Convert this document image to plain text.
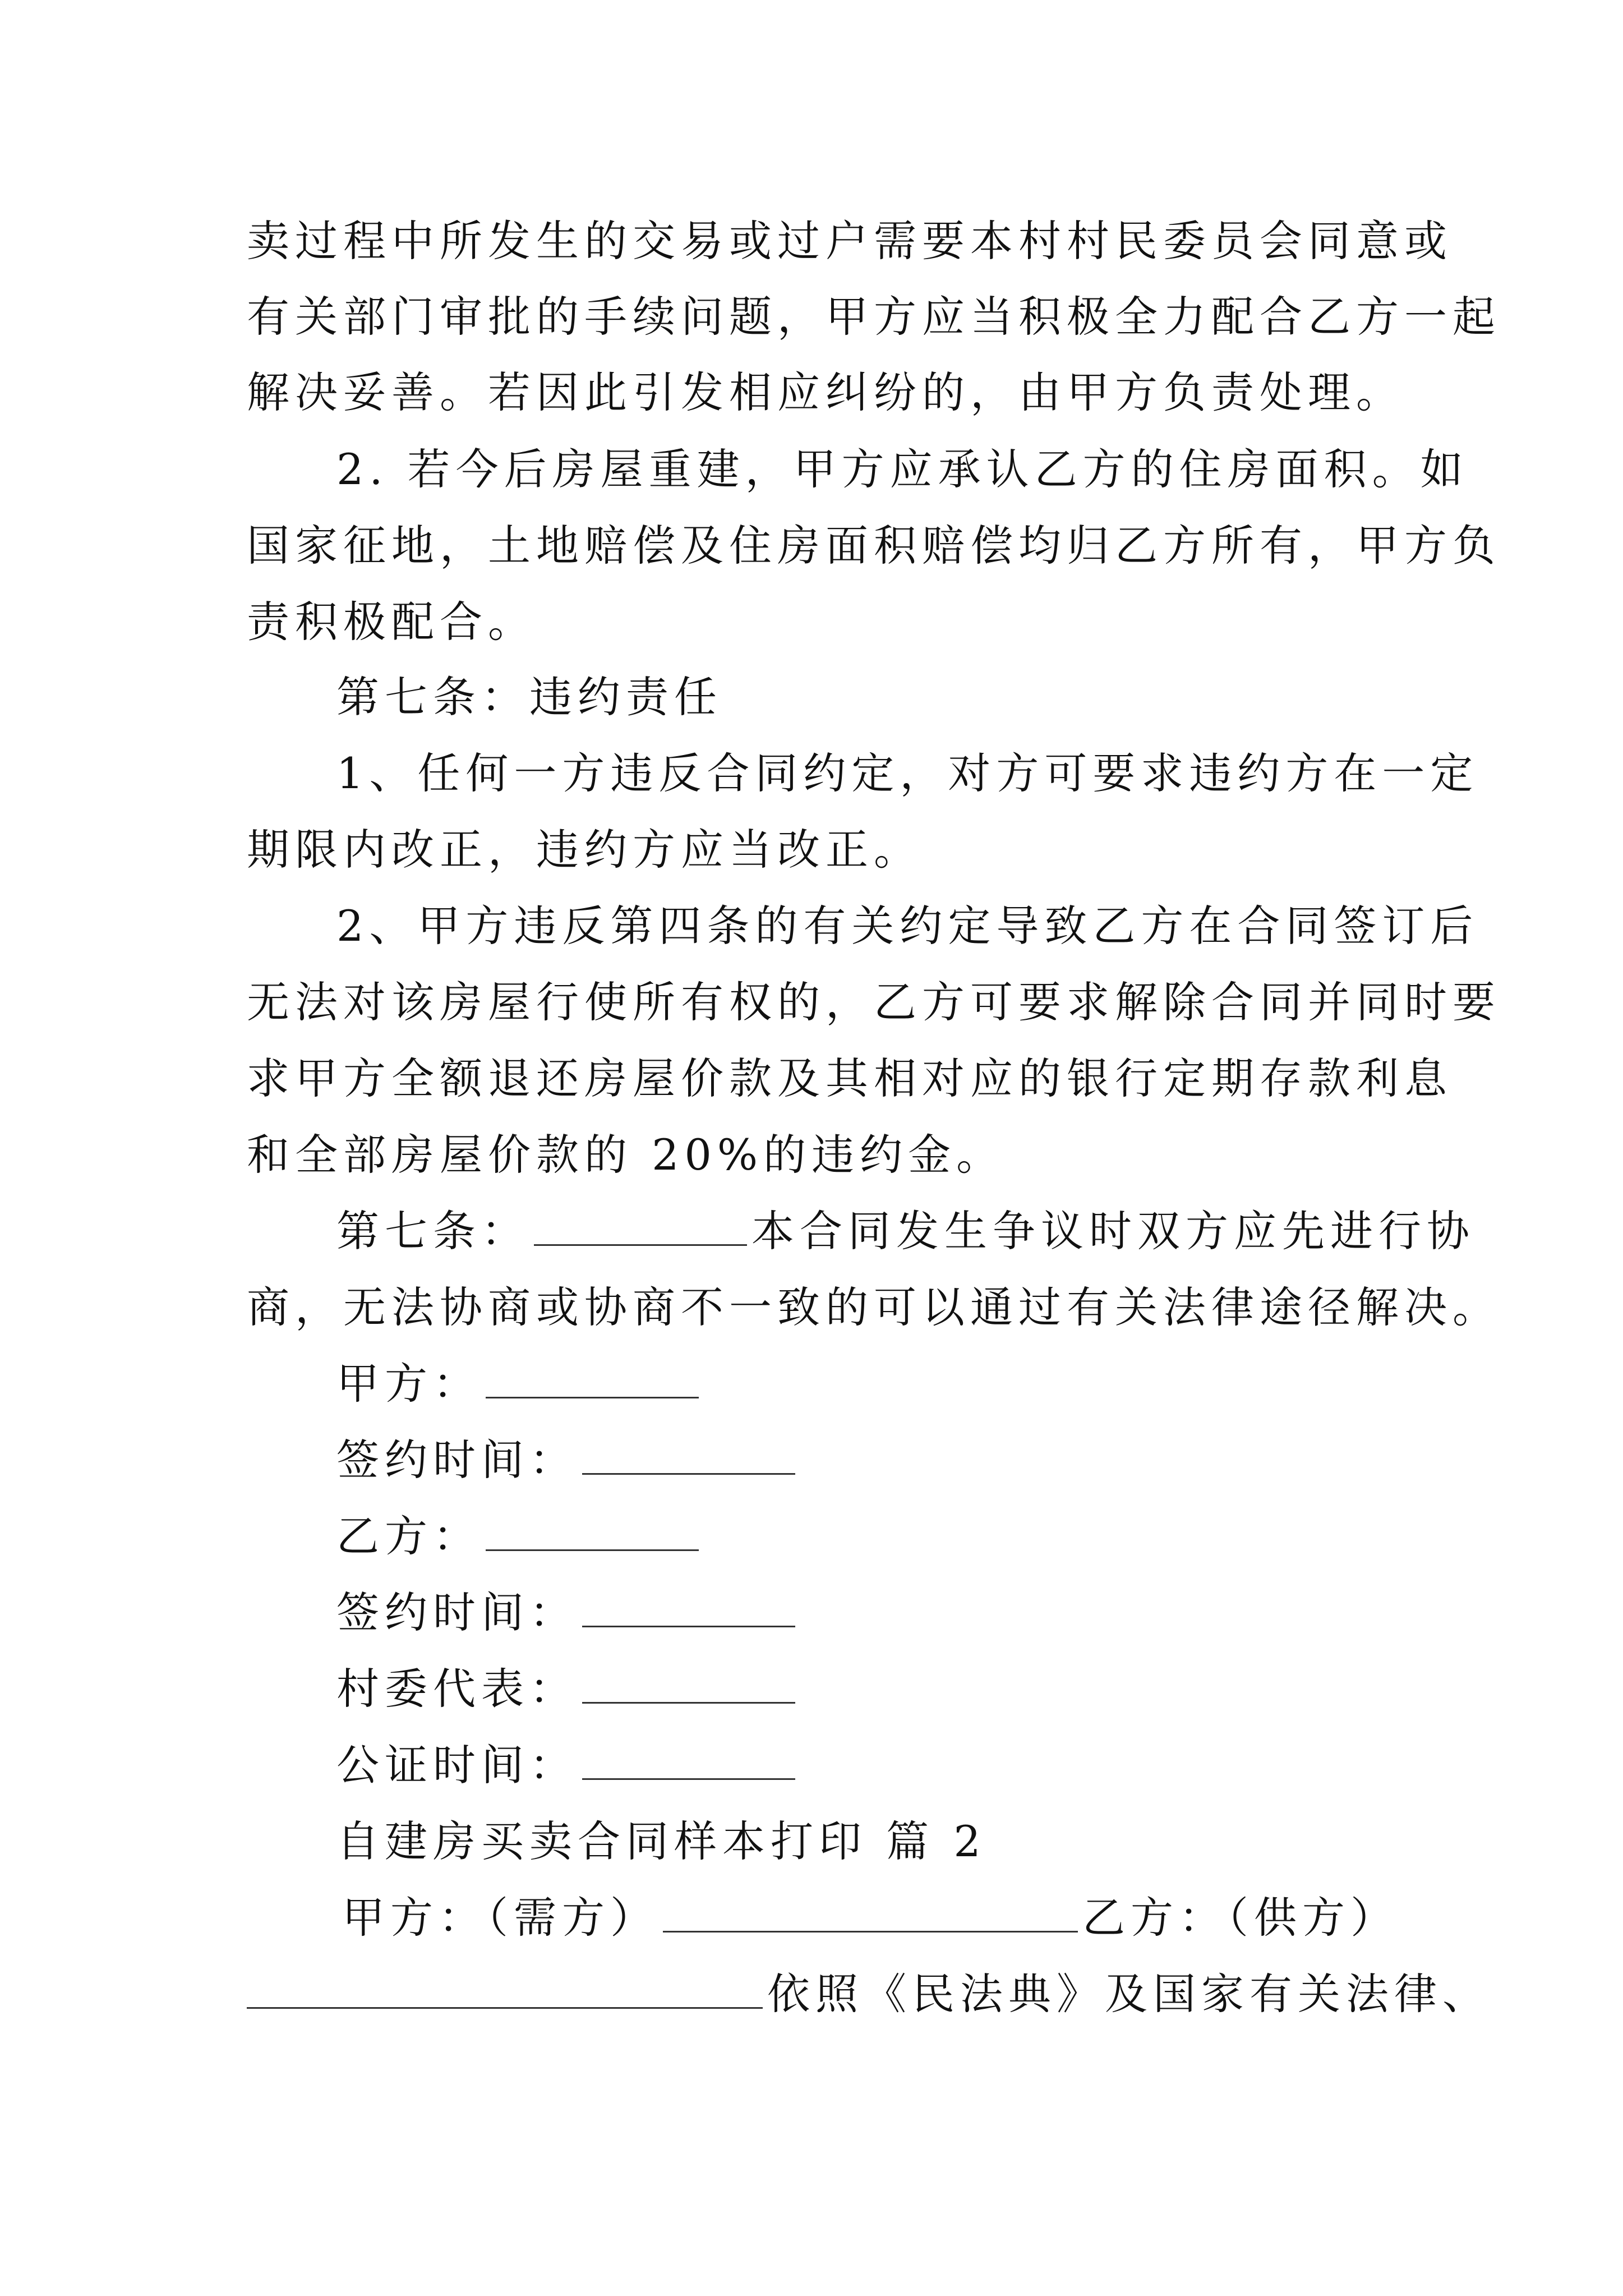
卖过程中所发生的交易或过户需要本村村民委员会同意或
有关部门审批的手续问题，甲方应当积极全力配合乙方一起
解决妥善。若因此引发相应纠纷的，由甲方负责处理。
2. 若今后房屋重建，甲方应承认乙方的住房面积。如
国家征地，土地赔偿及住房面积赔偿均归乙方所有，甲方负
责积极配合。
第七条：违约责任
1、任何一方违反合同约定，对方可要求违约方在一定
期限内改正，违约方应当改正。
2、甲方违反第四条的有关约定导致乙方在合同签订后
无法对该房屋行使所有权的，乙方可要求解除合同并同时要
求甲方全额退还房屋价款及其相对应的银行定期存款利息
和全部房屋价款的 20%的违约金。
第七条：	本合同发生争议时双方应先进行协
商，无法协商或协商不一致的可以通过有关法律途径解决。
甲方：
签约时间：
乙方：
签约时间：
村委代表：
公证时间：
自建房买卖合同样本打印 篇 2
甲方：（需方）	乙方：（供方）
依照《民法典》及国家有关法律、
